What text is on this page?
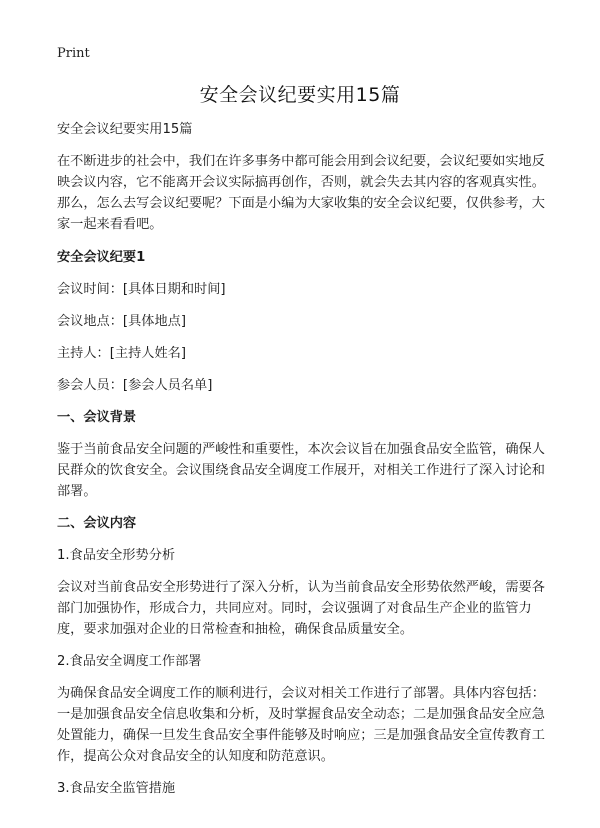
Print
安全会议纪要实用15篇

安全会议纪要实用15篇

在不断进步的社会中，我们在许多事务中都可能会用到会议纪要，会议纪要如实地反映会议内容，它不能离开会议实际搞再创作，否则，就会失去其内容的客观真实性。那么，怎么去写会议纪要呢？下面是小编为大家收集的安全会议纪要，仅供参考，大家一起来看看吧。

安全会议纪要1

会议时间：[具体日期和时间]

会议地点：[具体地点]

主持人：[主持人姓名]

参会人员：[参会人员名单]

一、会议背景

鉴于当前食品安全问题的严峻性和重要性，本次会议旨在加强食品安全监管，确保人民群众的饮食安全。会议围绕食品安全调度工作展开，对相关工作进行了深入讨论和部署。

二、会议内容

1.食品安全形势分析

会议对当前食品安全形势进行了深入分析，认为当前食品安全形势依然严峻，需要各部门加强协作，形成合力，共同应对。同时，会议强调了对食品生产企业的监管力度，要求加强对企业的日常检查和抽检，确保食品质量安全。

2.食品安全调度工作部署

为确保食品安全调度工作的顺利进行，会议对相关工作进行了部署。具体内容包括：一是加强食品安全信息收集和分析，及时掌握食品安全动态；二是加强食品安全应急处置能力，确保一旦发生食品安全事件能够及时响应；三是加强食品安全宣传教育工作，提高公众对食品安全的认知度和防范意识。

3.食品安全监管措施
